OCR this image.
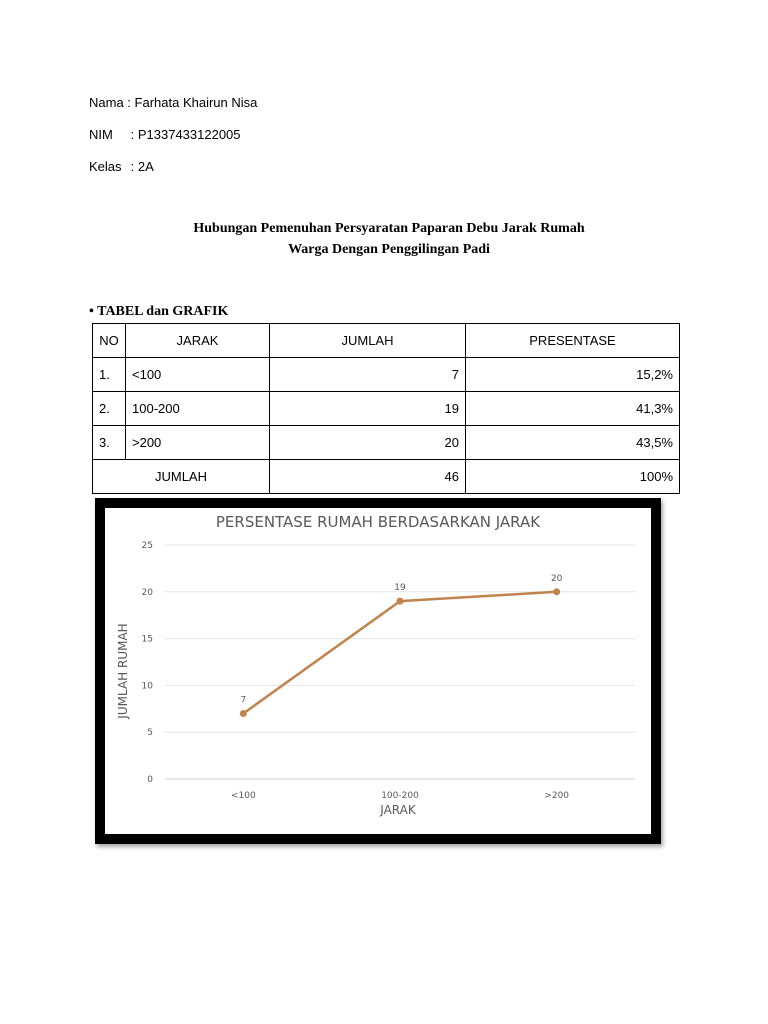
Nama : Farhata Khairun Nisa
NIM : P1337433122005
Kelas : 2A
Hubungan Pemenuhan Persyaratan Paparan Debu Jarak Rumah
Warga Dengan Penggilingan Padi
• TABEL dan GRAFIK
NO	JARAK	JUMLAH	PRESENTASE
1.	<100	7	15,2%
2.	100-200	19	41,3%
3.	>200	20	43,5%
JUMLAH		46	100%
PERSENTASE RUMAH BERDASARKAN JARAK
0
5
10
15
20
25
<100	100-200	>200
7
19
20
JARAK
JUMLAH RUMAH
